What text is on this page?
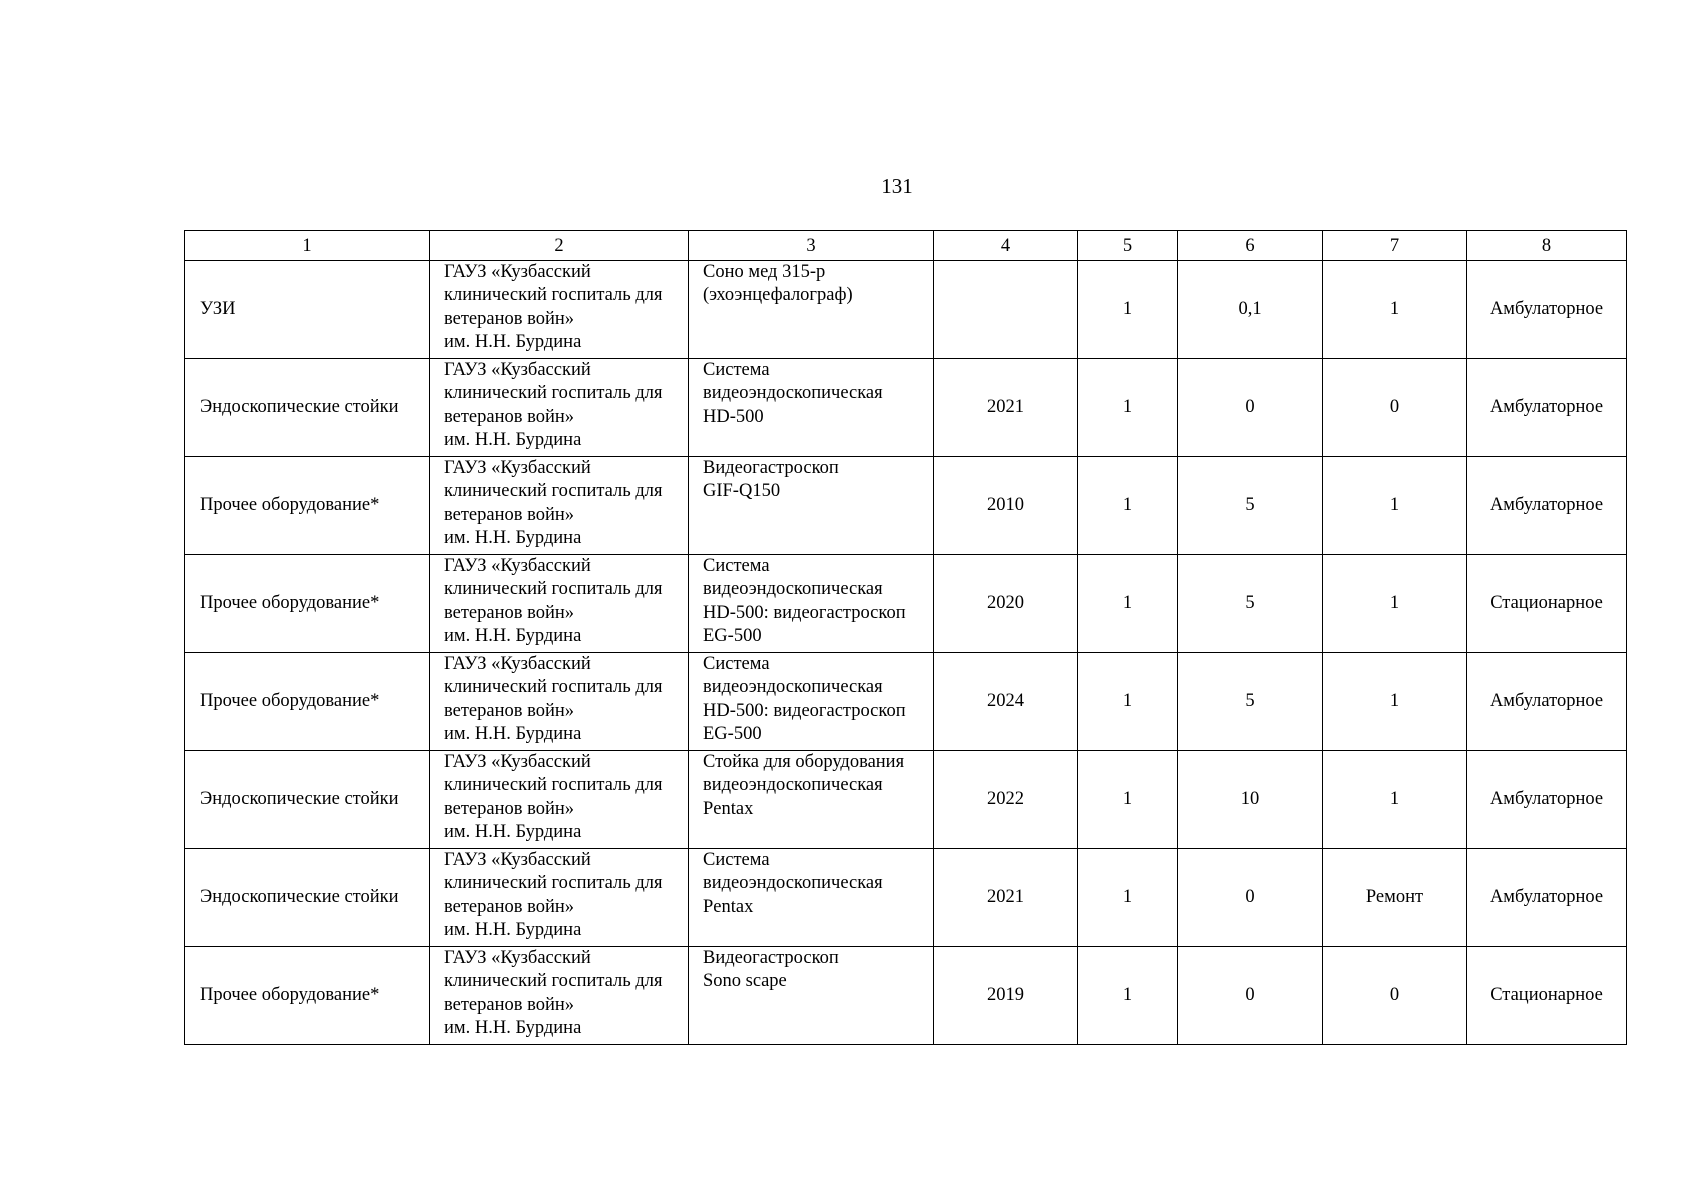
131
1	2	3	4	5	6	7	8

УЗИ	ГАУЗ «Кузбасский
клинический госпиталь для
ветеранов войн»
им. Н.Н. Бурдина	Соно мед 315-р
(эхоэнцефалограф)		1	0,1	1	Амбулаторное

Эндоскопические стойки	ГАУЗ «Кузбасский
клинический госпиталь для
ветеранов войн»
им. Н.Н. Бурдина	Система
видеоэндоскопическая
HD-500	2021	1	0	0	Амбулаторное

Прочее оборудование*	ГАУЗ «Кузбасский
клинический госпиталь для
ветеранов войн»
им. Н.Н. Бурдина	Видеогастроскоп
GIF-Q150	2010	1	5	1	Амбулаторное

Прочее оборудование*	ГАУЗ «Кузбасский
клинический госпиталь для
ветеранов войн»
им. Н.Н. Бурдина	Система
видеоэндоскопическая
HD-500: видеогастроскоп
EG-500	2020	1	5	1	Стационарное

Прочее оборудование*	ГАУЗ «Кузбасский
клинический госпиталь для
ветеранов войн»
им. Н.Н. Бурдина	Система
видеоэндоскопическая
HD-500: видеогастроскоп
EG-500	2024	1	5	1	Амбулаторное

Эндоскопические стойки	ГАУЗ «Кузбасский
клинический госпиталь для
ветеранов войн»
им. Н.Н. Бурдина	Стойка для оборудования
видеоэндоскопическая
Pentax	2022	1	10	1	Амбулаторное

Эндоскопические стойки	ГАУЗ «Кузбасский
клинический госпиталь для
ветеранов войн»
им. Н.Н. Бурдина	Система
видеоэндоскопическая
Pentax	2021	1	0	Ремонт	Амбулаторное

Прочее оборудование*	ГАУЗ «Кузбасский
клинический госпиталь для
ветеранов войн»
им. Н.Н. Бурдина	Видеогастроскоп
Sono scape	2019	1	0	0	Стационарное
